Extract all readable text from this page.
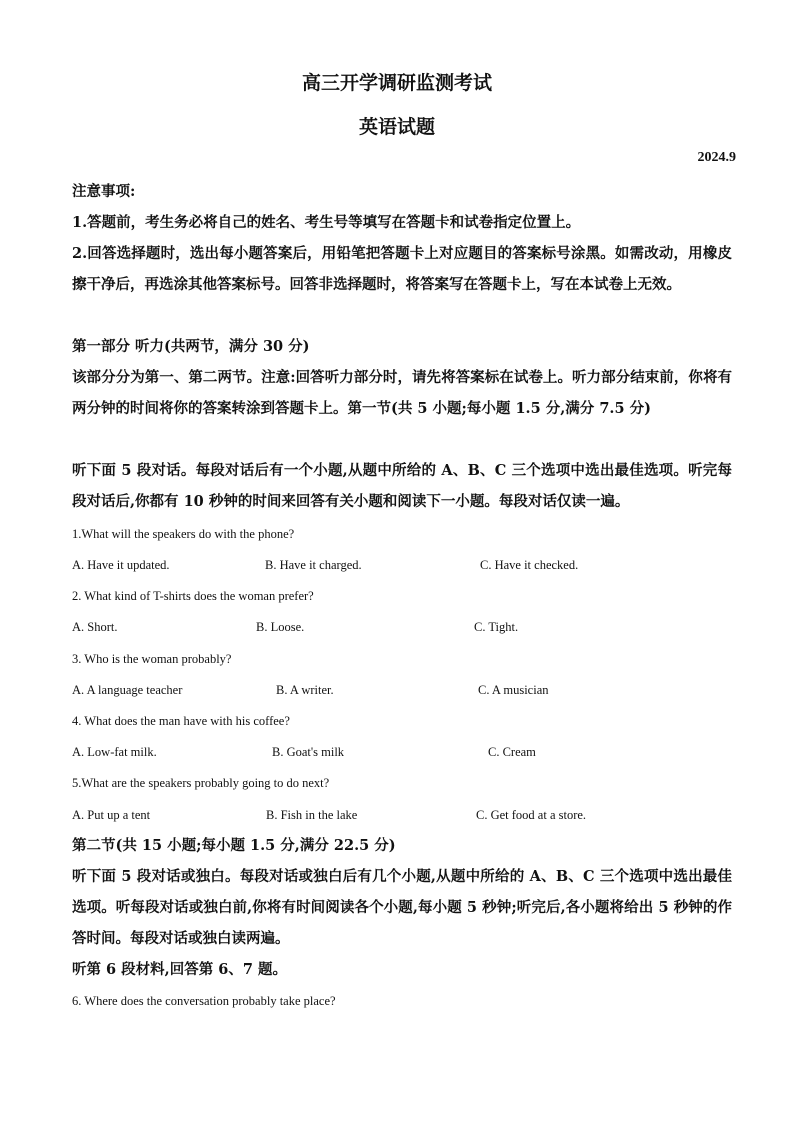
高三开学调研监测考试
英语试题
2024.9
注意事项:
1.答题前，考生务必将自己的姓名、考生号等填写在答题卡和试卷指定位置上。
2.回答选择题时，选出每小题答案后，用铅笔把答题卡上对应题目的答案标号涂黑。如需改动，用橡皮擦干净后，再选涂其他答案标号。回答非选择题时，将答案写在答题卡上，写在本试卷上无效。
第一部分 听力(共两节，满分 30 分)
该部分分为第一、第二两节。注意:回答听力部分时，请先将答案标在试卷上。听力部分结束前，你将有两分钟的时间将你的答案转涂到答题卡上。第一节(共 5 小题;每小题 1.5 分,满分 7.5 分)
听下面 5 段对话。每段对话后有一个小题,从题中所给的 A、B、C 三个选项中选出最佳选项。听完每段对话后,你都有 10 秒钟的时间来回答有关小题和阅读下一小题。每段对话仅读一遍。
1.What will the speakers do with the phone?
A. Have it updated.	B. Have it charged.	C. Have it checked.
2. What kind of T-shirts does the woman prefer?
A. Short.	B. Loose.	C. Tight.
3. Who is the woman probably?
A. A language teacher	B. A writer.	C. A musician
4. What does the man have with his coffee?
A. Low-fat milk.	B. Goat's milk	C. Cream
5.What are the speakers probably going to do next?
A. Put up a tent	B. Fish in the lake	C. Get food at a store.
第二节(共 15 小题;每小题 1.5 分,满分 22.5 分)
听下面 5 段对话或独白。每段对话或独白后有几个小题,从题中所给的 A、B、C 三个选项中选出最佳选项。听每段对话或独白前,你将有时间阅读各个小题,每小题 5 秒钟;听完后,各小题将给出 5 秒钟的作答时间。每段对话或独白读两遍。
听第 6 段材料,回答第 6、7 题。
6. Where does the conversation probably take place?
